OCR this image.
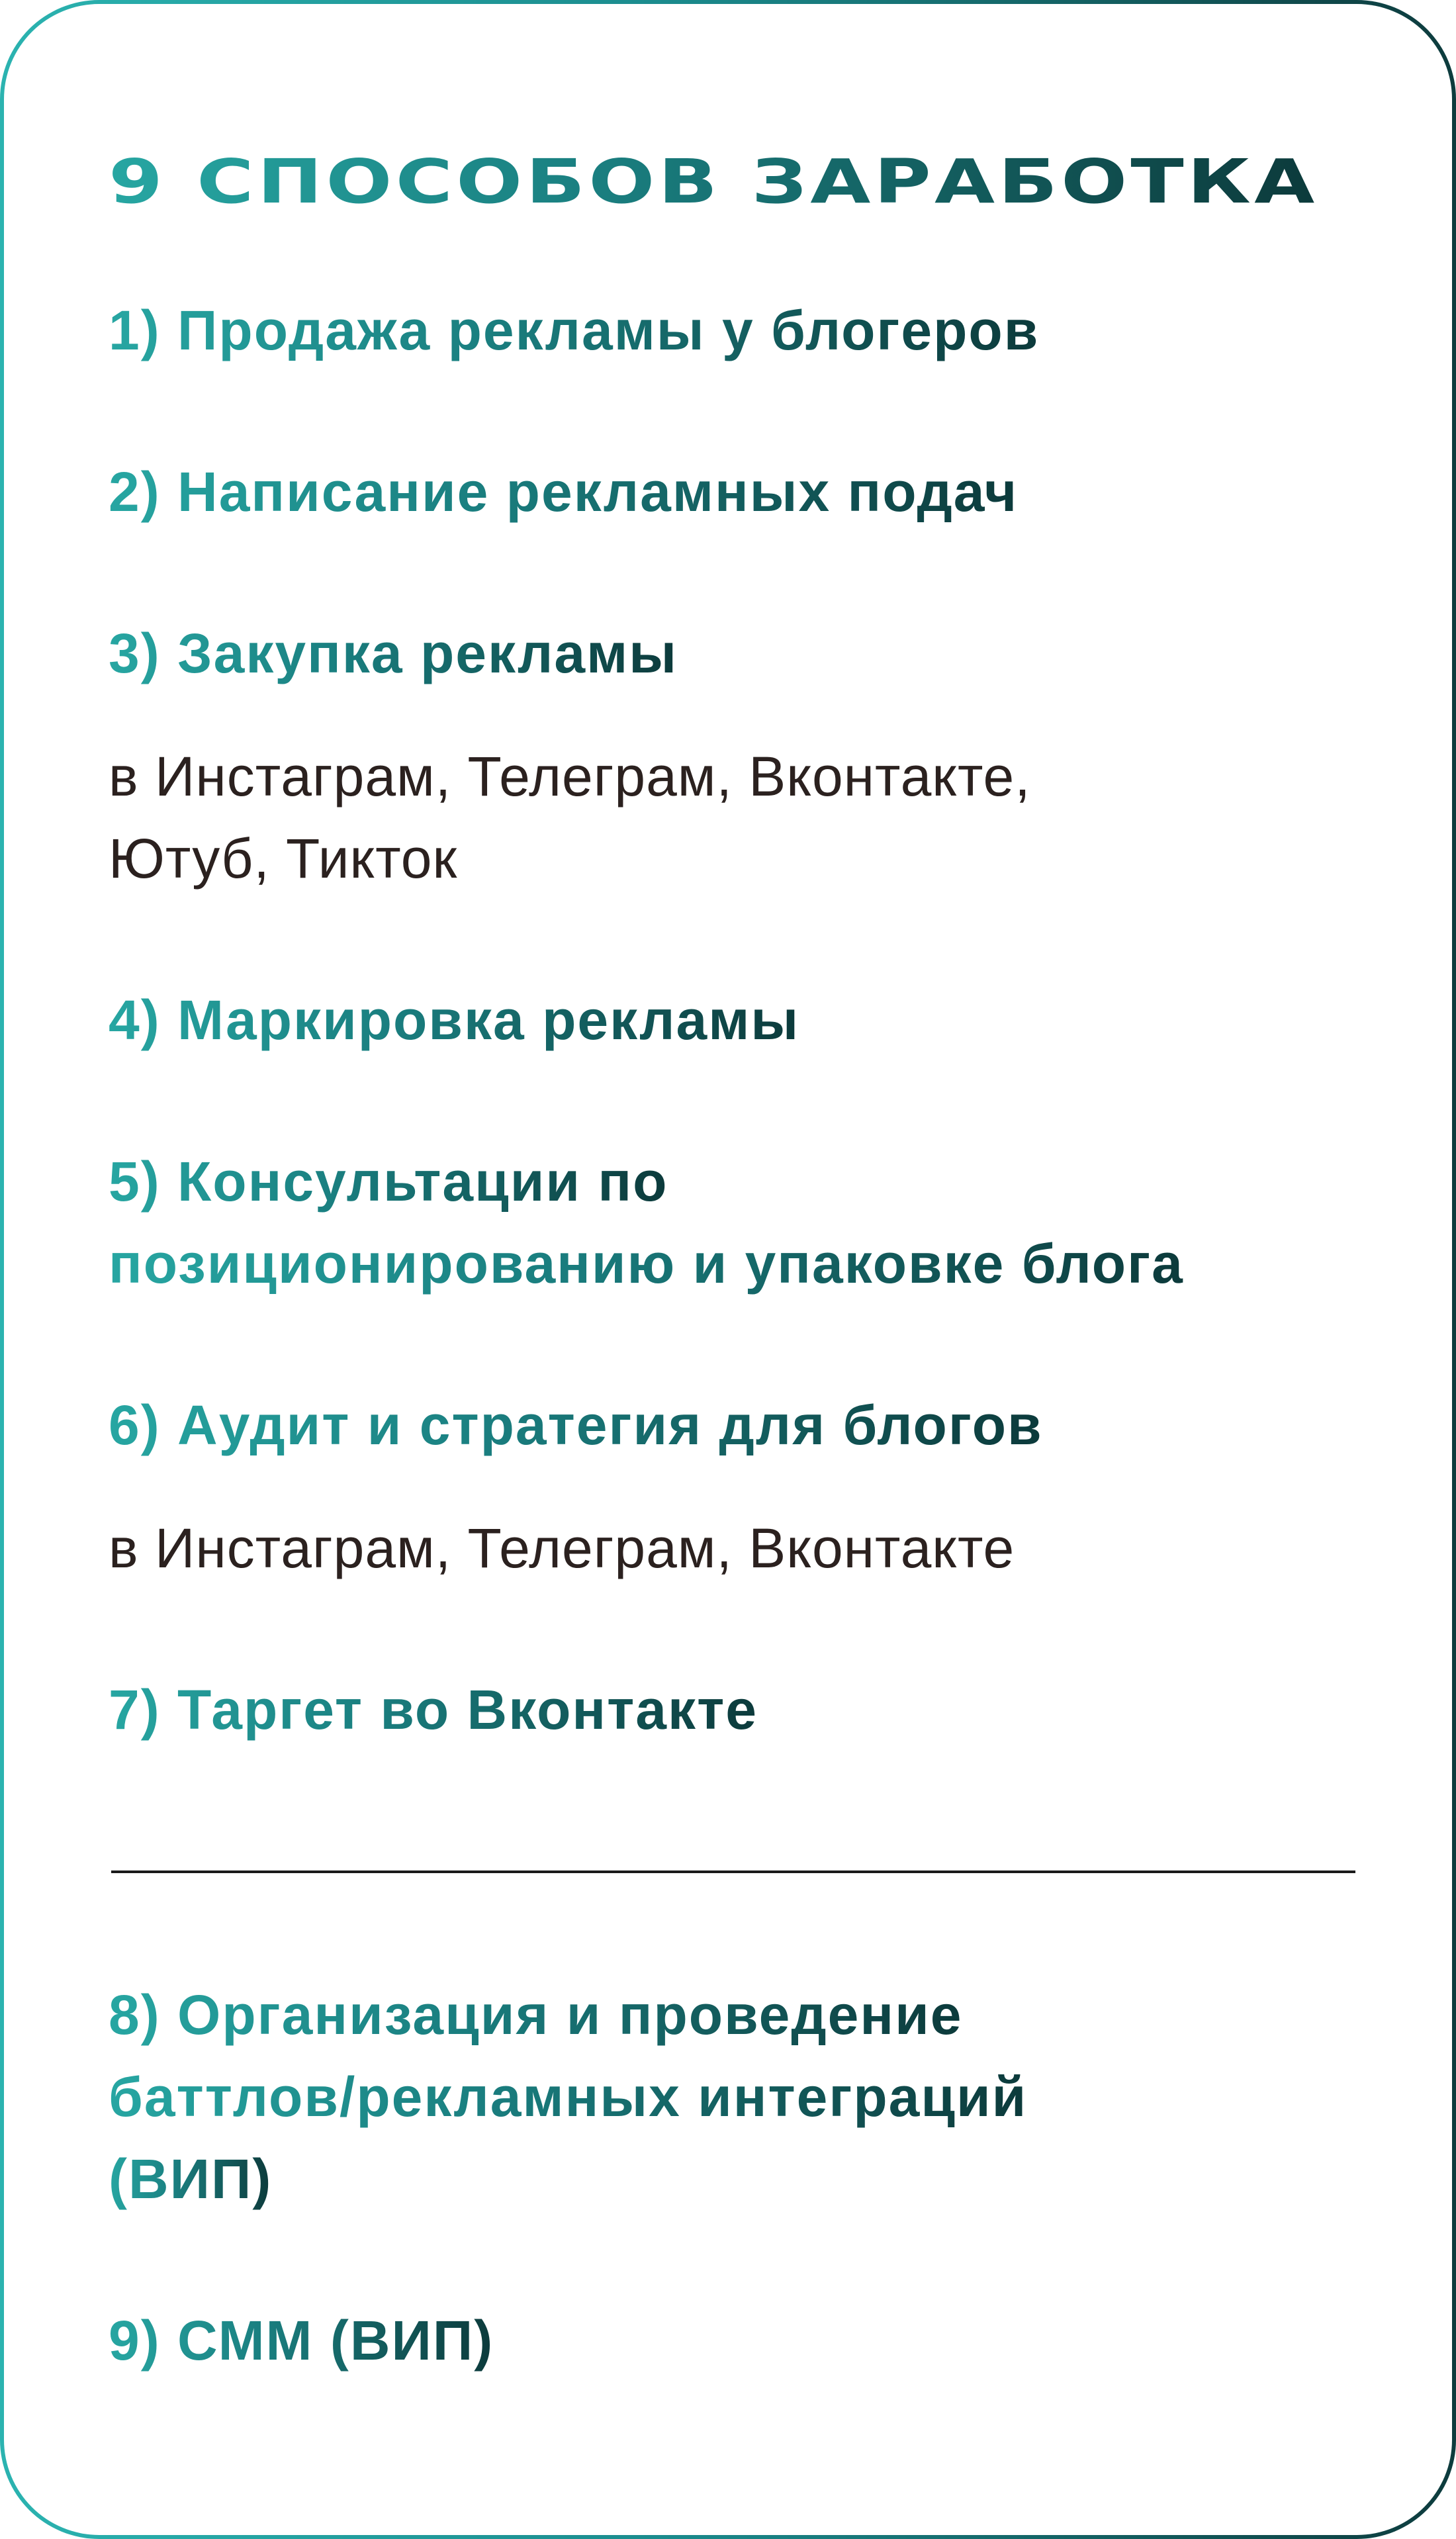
9 СПОСОБОВ ЗАРАБОТКА 1) Продажа рекламы у блогеров
2) Написание рекламных подач
3) Закупка рекламы
в Инстаграм, Телеграм, Вконтакте,
Ютуб, Тикток
4) Маркировка рекламы
5) Консультации по
позиционированию и упаковке блога
6) Аудит и стратегия для блогов
в Инстаграм, Телеграм, Вконтакте
7) Таргет во Вконтакте
8) Организация и проведение
баттлов/рекламных интеграций
(ВИП)
9) СММ (ВИП)
